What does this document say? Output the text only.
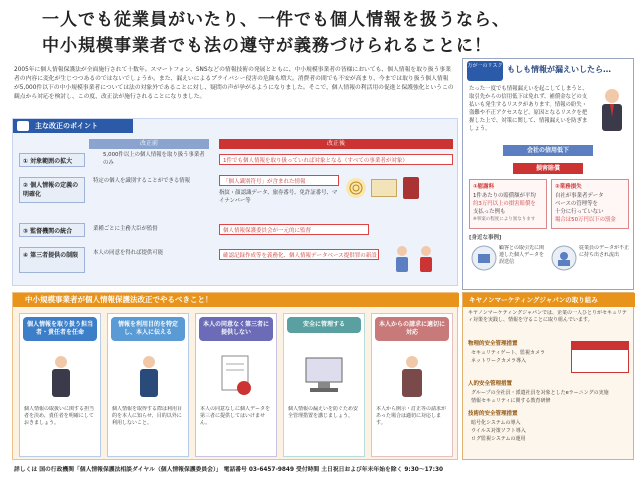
一人でも従業員がいたり、一件でも個人情報を扱うなら、
中小規模事業者でも法の遵守が義務づけられることに！
2005年に個人情報保護法が全面施行されて十数年。スマートフォン、SNSなどの情報技術の発展とともに、中小規模事業者の皆様においても、個人情報を取り扱う事業者の内容に変化が生じつつあるのではないでしょうか。また、漏えいによるプライバシー侵害の危険も増大。消費者の間でも不安が高まり、今までは取り扱う個人情報が5,000件以下の中小規模事業者については法の対象外であることに対し、疑問の声が挙がるようになりました。そこで、個人情報の利活用の促進と保護強化というこの観点から対応を検討し、この度、改正法が施行されることになりました。
万が一のリスク もしも情報が漏えいしたら…
たった一度でも情報漏えいを起こしてしまうと、取引先からの信用低下は免れず、補償金などの支払いも発生するリスクがあります。情報の紛失・盗難や不正アクセスなど、原因となるリスクを把握した上で、対策に関して、情報漏えいを防ぎましょう。
会社の信用低下
損害賠償
①慰謝料
1件あたりの賠償額が平均
約3万円以上の損害賠償を
支払った例も
※事案の程度により異なります
②業務損失
自社が事業者データ
ベースの管理等を
十分に行っていない
場合は50万円以下の罰金
[身近な事例]
顧客との取引先に関連した個人データを誤送信
従業員のデータが不正に持ち出され流出
主な改正のポイント
改正前	改正後
① 対象範囲の拡大
5,000件以上の個人情報を取り扱う事業者のみ	1件でも個人情報を取り扱っていれば対象となる（すべての事業者が対象）
② 個人情報の定義の明確化
特定の個人を識別することができる情報	「個人識別符号」が含まれた情報
指紋・顔認識データ、旅券番号、免許証番号、マイナンバー等
③ 監督機関の統合	業種ごとに主務大臣が監督	個人情報保護委員会が一元的に監督
④ 第三者提供の制限	本人の同意を得れば提供可能	確認記録作成等を義務化、個人情報データベース提供罪の新設
中小規模事業者が個人情報保護法改正でやるべきこと！
個人情報を取り扱う担当者・責任者を任命
個人情報の取扱いに関する担当者を決め、責任者を明確にしておきましょう。
情報を利用目的を特定し、本人に伝える
個人情報を取得する際は利用目的を本人に知らせ、目的以外に利用しないこと。
本人の同意なく第三者に提供しない
本人の同意なしに個人データを第三者に提供してはいけません。
安全に管理する
個人情報の漏えいを防ぐため安全管理措置を講じましょう。
本人からの請求に適切に対応
本人から開示・訂正等の請求があった場合は適切に対応します。
キヤノンマーケティングジャパンの取り組み
キヤノンマーケティングジャパンでは、企業の一人ひとりがセキュリティ対策を実践し、情報を守ることに取り組んでいます。
物理的安全管理措置
セキュリティゲート、監視カメラ
ネットワークカメラ導入
人的安全管理措置
グループの全社員・派遣社員を対象としたeラーニングの実施
情報セキュリティに関する教育研修
技術的安全管理措置
暗号化システムの導入
ウイルス対策ソフト導入
ログ監視システムの運用
詳しくは 国の行政機関「個人情報保護法相談ダイヤル（個人情報保護委員会）」 電話番号 03-6457-9849 受付時間 土日祝日および年末年始を除く 9:30～17:30
